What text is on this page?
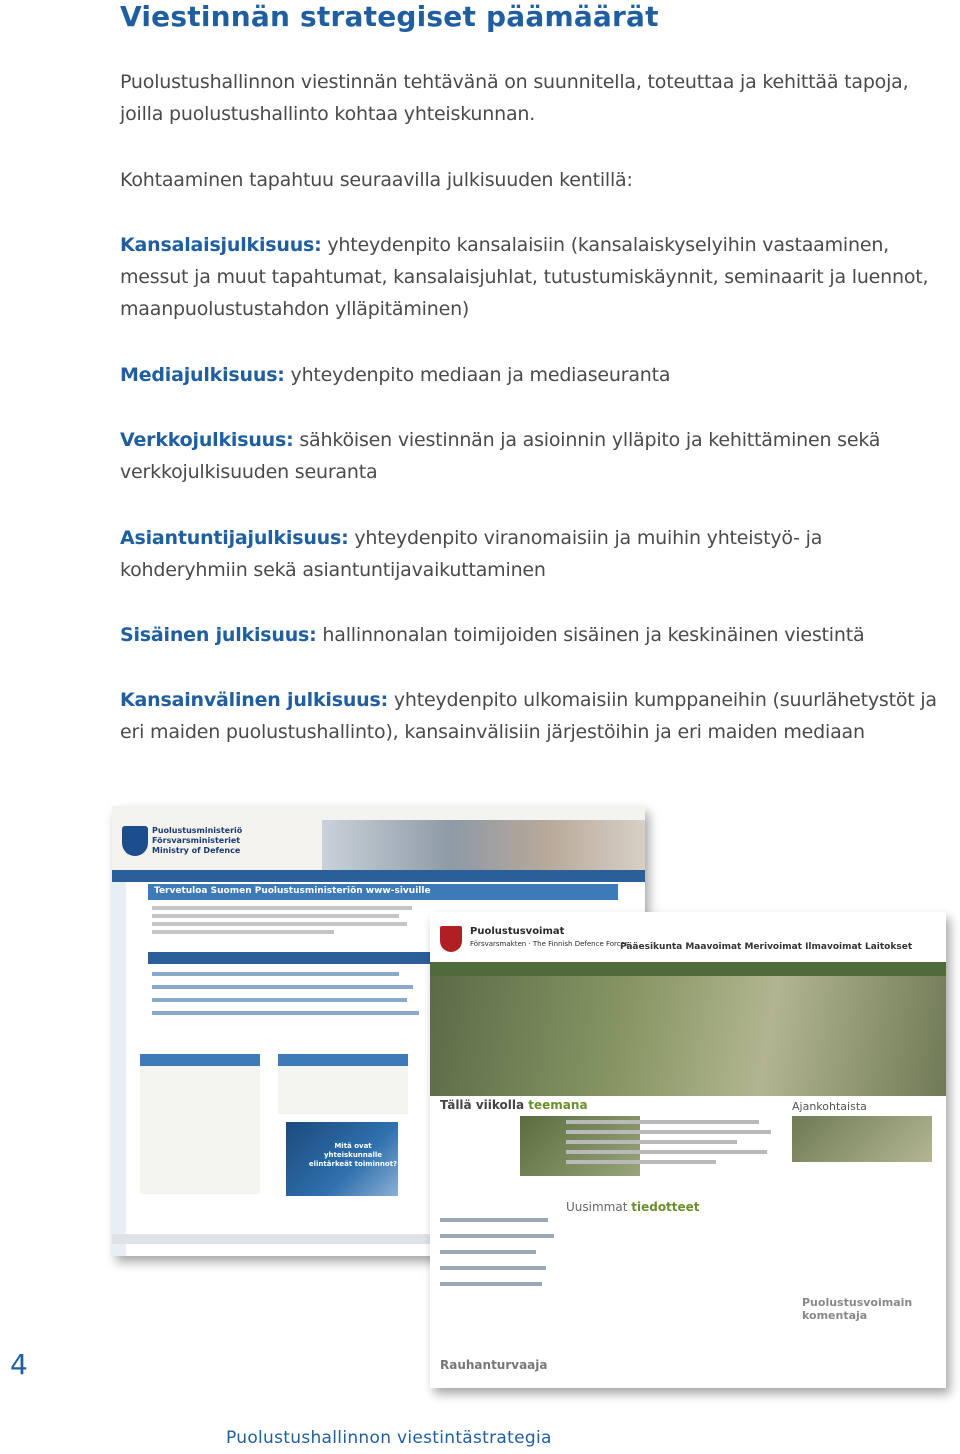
Viestinnän strategiset päämäärät

Puolustushallinnon viestinnän tehtävänä on suunnitella, toteuttaa ja kehittää tapoja, joilla puolustushallinto kohtaa yhteiskunnan.

Kohtaaminen tapahtuu seuraavilla julkisuuden kentillä:

Kansalaisjulkisuus: yhteydenpito kansalaisiin (kansalaiskyselyihin vastaaminen, messut ja muut tapahtumat, kansalaisjuhlat, tutustumiskäynnit, seminaarit ja luennot, maanpuolustustahdon ylläpitäminen)

Mediajulkisuus: yhteydenpito mediaan ja mediaseuranta

Verkkojulkisuus: sähköisen viestinnän ja asioinnin ylläpito ja kehittäminen sekä verkkojulkisuuden seuranta

Asiantuntijajulkisuus: yhteydenpito viranomaisiin ja muihin yhteistyö- ja kohderyhmiin sekä asiantuntijavaikuttaminen

Sisäinen julkisuus: hallinnonalan toimijoiden sisäinen ja keskinäinen viestintä

Kansainvälinen julkisuus: yhteydenpito ulkomaisiin kumppaneihin (suurlähetystöt ja eri maiden puolustushallinto), kansainvälisiin järjestöihin ja eri maiden mediaan

Puolustusministeriö
Försvarsministeriet
Ministry of Defence
Tervetuloa Suomen Puolustusministeriön www-sivuille
Mitä ovat yhteiskunnalle elintärkeät toiminnot?
Puolustusvoimat
Försvarsmakten · The Finnish Defence Forces
Pääesikunta Maavoimat Merivoimat Ilmavoimat Laitokset
Tällä viikolla teemana	Ajankohtaista
Uusimmat tiedotteet
Puolustusvoimain komentaja
Rauhanturvaaja
4
Puolustushallinnon viestintästrategia
